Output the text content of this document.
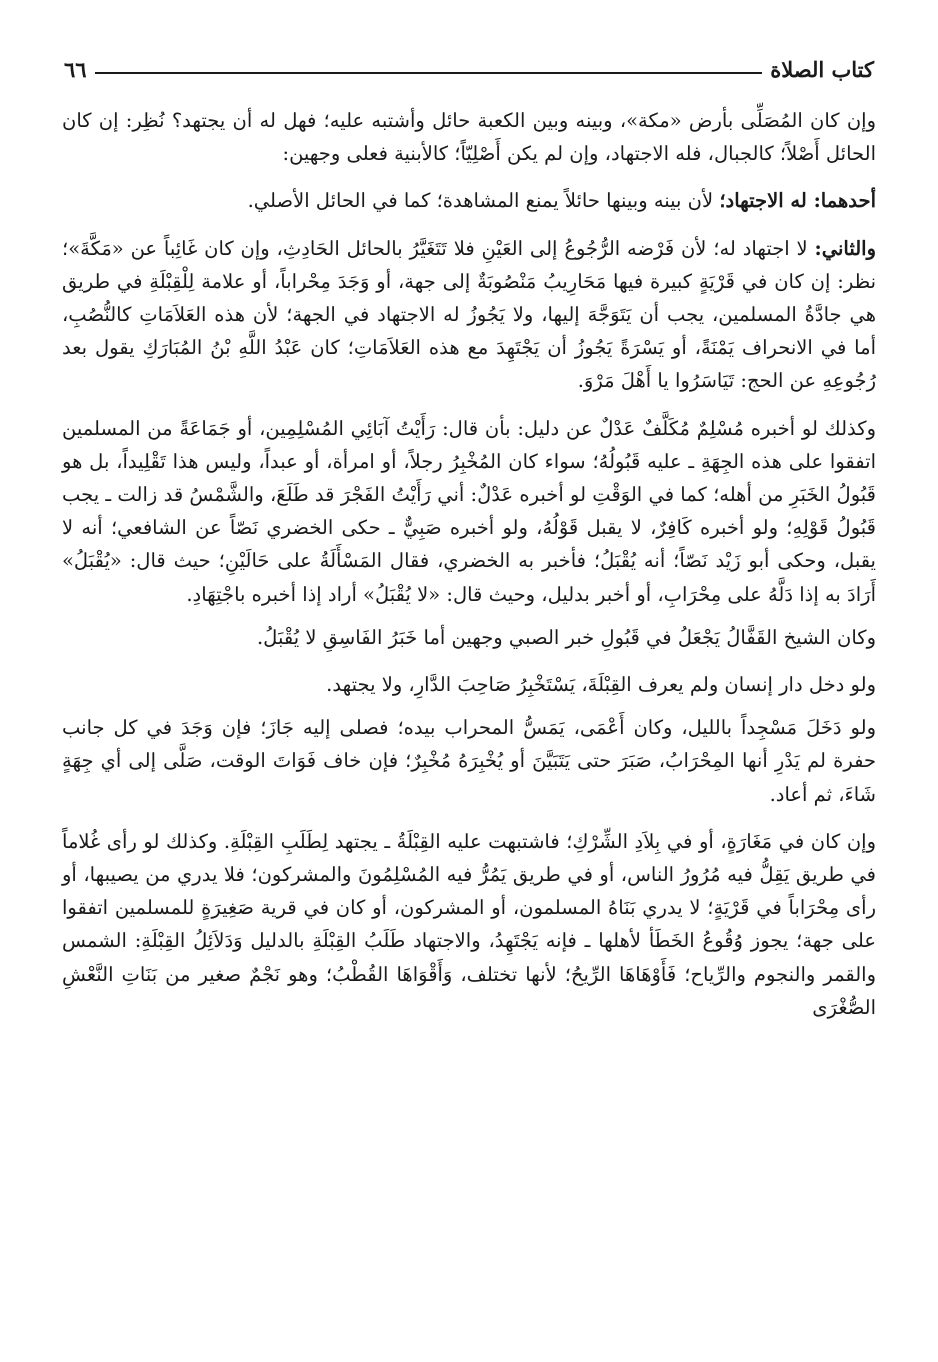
كتاب الصلاة
٦٦

وإن كان المُصَلِّى بأرض «مكة»، وبينه وبين الكعبة حائل وأشتبه عليه؛ فهل له أن يجتهد؟ نُظِر: إن كان الحائل أَصْلاً؛ كالجبال، فله الاجتهاد، وإن لم يكن أَصْلِيّاً؛ كالأبنية فعلى وجهين:

أحدهما: له الاجتهاد؛ لأن بينه وبينها حائلاً يمنع المشاهدة؛ كما في الحائل الأصلي.

والثاني: لا اجتهاد له؛ لأن فَرْضه الرُّجُوعُ إلى العَيْنِ فلا تَتَغَيَّرُ بالحائل الحَادِثِ، وإن كان غَائِباً عن «مَكَّةَ»؛ نظر: إن كان في قَرْيَةٍ كبيرة فيها مَحَارِيبُ مَنْصُوبَةٌ إلى جهة، أو وَجَدَ مِحْراباً، أو علامة لِلْقِبْلَةِ في طريق هي جادَّةُ المسلمين، يجب أن يَتَوَجَّهَ إليها، ولا يَجُوزُ له الاجتهاد في الجهة؛ لأن هذه العَلاَمَاتِ كالنُّصُبِ، أما في الانحراف يَمْنَةً، أو يَسْرَةً يَجُوزُ أن يَجْتَهِدَ مع هذه العَلاَمَاتِ؛ كان عَبْدُ اللَّهِ بْنُ المُبَارَكِ يقول بعد رُجُوعِهِ عن الحج: تَيَاسَرُوا يا أَهْلَ مَرْوَ.

وكذلك لو أخبره مُسْلِمٌ مُكَلَّفٌ عَدْلٌ عن دليل: بأن قال: رَأَيْتُ آبَائِي المُسْلِمِين، أو جَمَاعَةً من المسلمين اتفقوا على هذه الجِهَةِ ـ عليه قَبُولُهُ؛ سواء كان المُخْبِرُ رجلاً، أو امرأة، أو عبداً، وليس هذا تَقْلِيداً، بل هو قَبُولُ الخَبَرِ من أهله؛ كما في الوَقْتِ لو أخبره عَدْلٌ: أني رَأَيْتُ الفَجْرَ قد طَلَعَ، والشَّمْسُ قد زالت ـ يجب قَبُولُ قَوْلِهِ؛ ولو أخبره كَافِرٌ، لا يقبل قَوْلُهُ، ولو أخبره صَبِيٌّ ـ حكى الخضري نَصّاً عن الشافعي؛ أنه لا يقبل، وحكى أبو زَيْد نَصّاً؛ أنه يُقْبَلُ؛ فأخبر به الخضري، فقال المَسْأَلَةُ على حَالَيْنِ؛ حيث قال: «يُقْبَلُ» أَرَادَ به إذا دَلَّهُ على مِحْرَابِ، أو أخبر بدليل، وحيث قال: «لا يُقْبَلُ» أراد إذا أخبره باجْتِهَادِ.

وكان الشيخ القَفَّالُ يَجْعَلُ في قَبُولِ خبر الصبي وجهين أما خَبَرُ الفَاسِقِ لا يُقْبَلُ.

ولو دخل دار إنسان ولم يعرف القِبْلَةَ، يَسْتَخْبِرُ صَاحِبَ الدَّارِ، ولا يجتهد.

ولو دَخَلَ مَسْجِداً بالليل، وكان أَعْمَى، يَمَسُّ المحراب بيده؛ فصلى إليه جَازَ؛ فإن وَجَدَ في كل جانب حفرة لم يَدْرِ أنها المِحْرَابُ، صَبَرَ حتى يَتَبَيَّنَ أو يُخْبِرَهُ مُخْبِرٌ؛ فإن خاف فَوَاتَ الوقت، صَلَّى إلى أي جِهَةٍ شَاءَ، ثم أعاد.

وإن كان في مَغَارَةٍ، أو في بِلاَدِ الشِّرْكِ؛ فاشتبهت عليه القِبْلَةُ ـ يجتهد لِطَلَبِ القِبْلَةِ. وكذلك لو رأى غُلاماً في طريق يَقِلُّ فيه مُرُورُ الناس، أو في طريق يَمُرُّ فيه المُسْلِمُونَ والمشركون؛ فلا يدري من يصيبها، أو رأى مِحْرَاباً في قَرْيَةٍ؛ لا يدري بَنَاهُ المسلمون، أو المشركون، أو كان في قرية صَغِيرَةٍ للمسلمين اتفقوا على جهة؛ يجوز وُقُوعُ الخَطَأ لأهلها ـ فإنه يَجْتَهِدُ، والاجتهاد طَلَبُ القِبْلَةِ بالدليل وَدَلاَئِلُ القِبْلَةِ: الشمس والقمر والنجوم والرِّياح؛ فَأَوْهَاهَا الرِّيحُ؛ لأنها تختلف، وَأَقْوَاهَا القُطْبُ؛ وهو نَجْمٌ صغير من بَنَاتِ النَّعْشِ الصُّغْرَى
